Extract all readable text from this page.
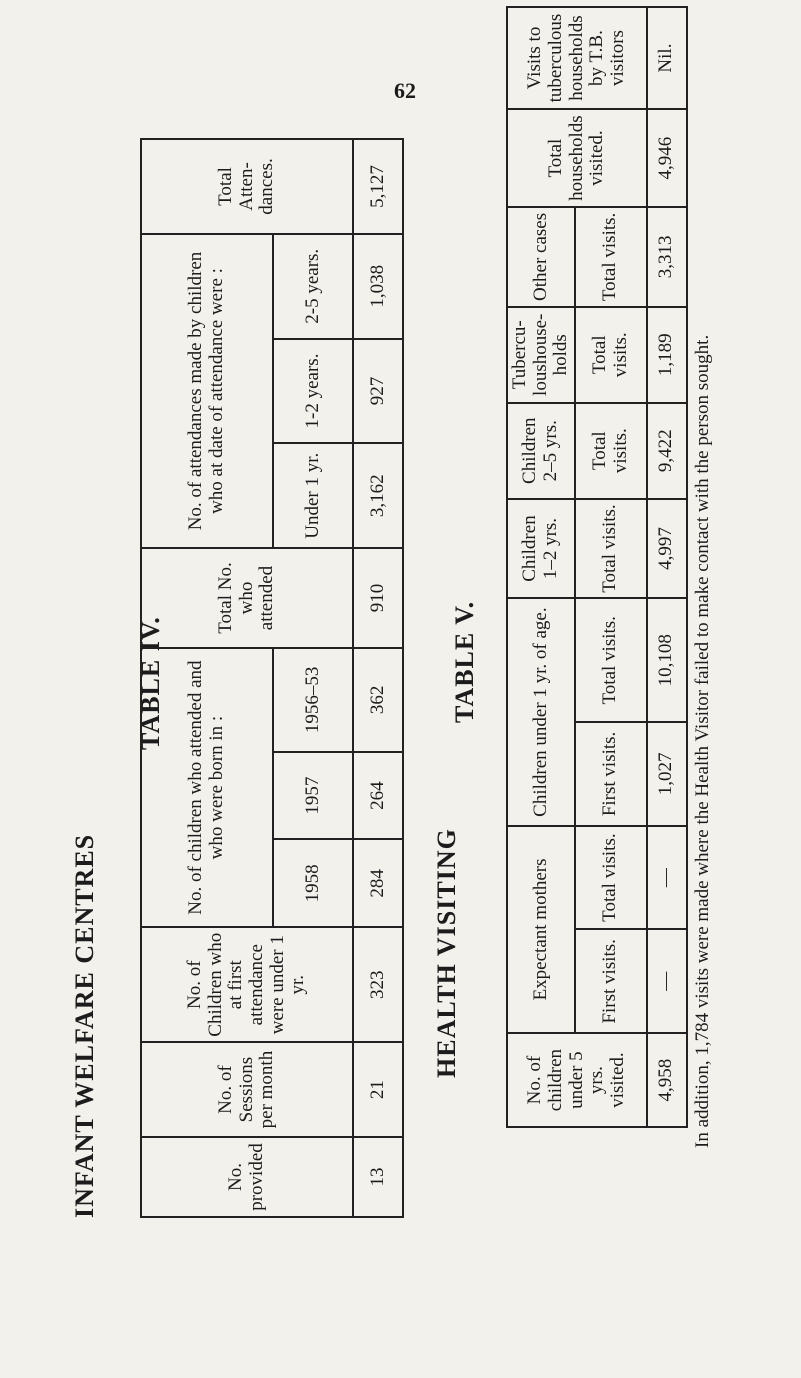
62
INFANT WELFARE CENTRES
TABLE IV.
No. provided	No. of Sessions per month	No. of Children who at first attendance were under 1 yr.	No. of children who attended and who were born in :			Total No. who attended	No. of attendances made by children who at date of attendance were :			Total Atten- dances.
			1958	1957	1956–53		Under 1 yr.	1-2 years.	2-5 years.	
13	21	323	284	264	362	910	3,162	927	1,038	5,127
HEALTH VISITING
TABLE V.
No. of children under 5 yrs. visited.	Expectant mothers		Children under 1 yr. of age.		Children 1–2 yrs.	Children 2–5 yrs.	Tubercu- loushouse- holds	Other cases	Total households visited.	Visits to tuberculous households by T.B. visitors
	First visits.	Total visits.	First visits.	Total visits.	Total visits.	Total visits.	Total visits.	Total visits.		
4,958	—	—	1,027	10,108	4,997	9,422	1,189	3,313	4,946	Nil.
In addition, 1,784 visits were made where the Health Visitor failed to make contact with the person sought.
